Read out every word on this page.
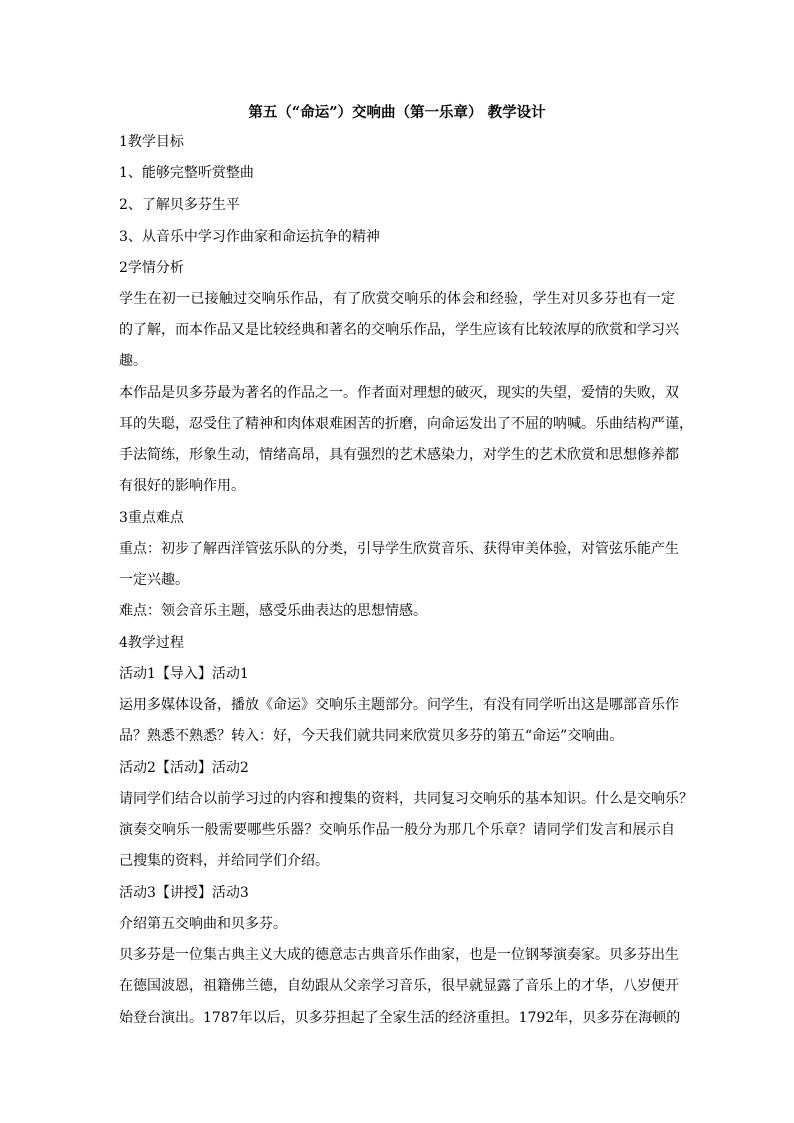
第五（“命运”）交响曲（第一乐章） 教学设计
1教学目标
1、能够完整听赏整曲
2、了解贝多芬生平
3、从音乐中学习作曲家和命运抗争的精神
2学情分析
学生在初一已接触过交响乐作品，有了欣赏交响乐的体会和经验，学生对贝多芬也有一定
的了解，而本作品又是比较经典和著名的交响乐作品，学生应该有比较浓厚的欣赏和学习兴
趣。
本作品是贝多芬最为著名的作品之一。作者面对理想的破灭，现实的失望，爱情的失败，双
耳的失聪，忍受住了精神和肉体艰难困苦的折磨，向命运发出了不屈的呐喊。乐曲结构严谨，
手法简练，形象生动，情绪高昂，具有强烈的艺术感染力，对学生的艺术欣赏和思想修养都
有很好的影响作用。
3重点难点
重点：初步了解西洋管弦乐队的分类，引导学生欣赏音乐、获得审美体验，对管弦乐能产生
一定兴趣。
难点：领会音乐主题，感受乐曲表达的思想情感。
4教学过程
活动1【导入】活动1
运用多媒体设备，播放《命运》交响乐主题部分。问学生，有没有同学听出这是哪部音乐作
品？熟悉不熟悉？转入：好，今天我们就共同来欣赏贝多芬的第五“命运”交响曲。
活动2【活动】活动2
请同学们结合以前学习过的内容和搜集的资料，共同复习交响乐的基本知识。什么是交响乐？
演奏交响乐一般需要哪些乐器？交响乐作品一般分为那几个乐章？请同学们发言和展示自
己搜集的资料，并给同学们介绍。
活动3【讲授】活动3
介绍第五交响曲和贝多芬。
贝多芬是一位集古典主义大成的德意志古典音乐作曲家，也是一位钢琴演奏家。贝多芬出生
在德国波恩，祖籍佛兰德，自幼跟从父亲学习音乐，很早就显露了音乐上的才华，八岁便开
始登台演出。1787年以后，贝多芬担起了全家生活的经济重担。1792年，贝多芬在海顿的
